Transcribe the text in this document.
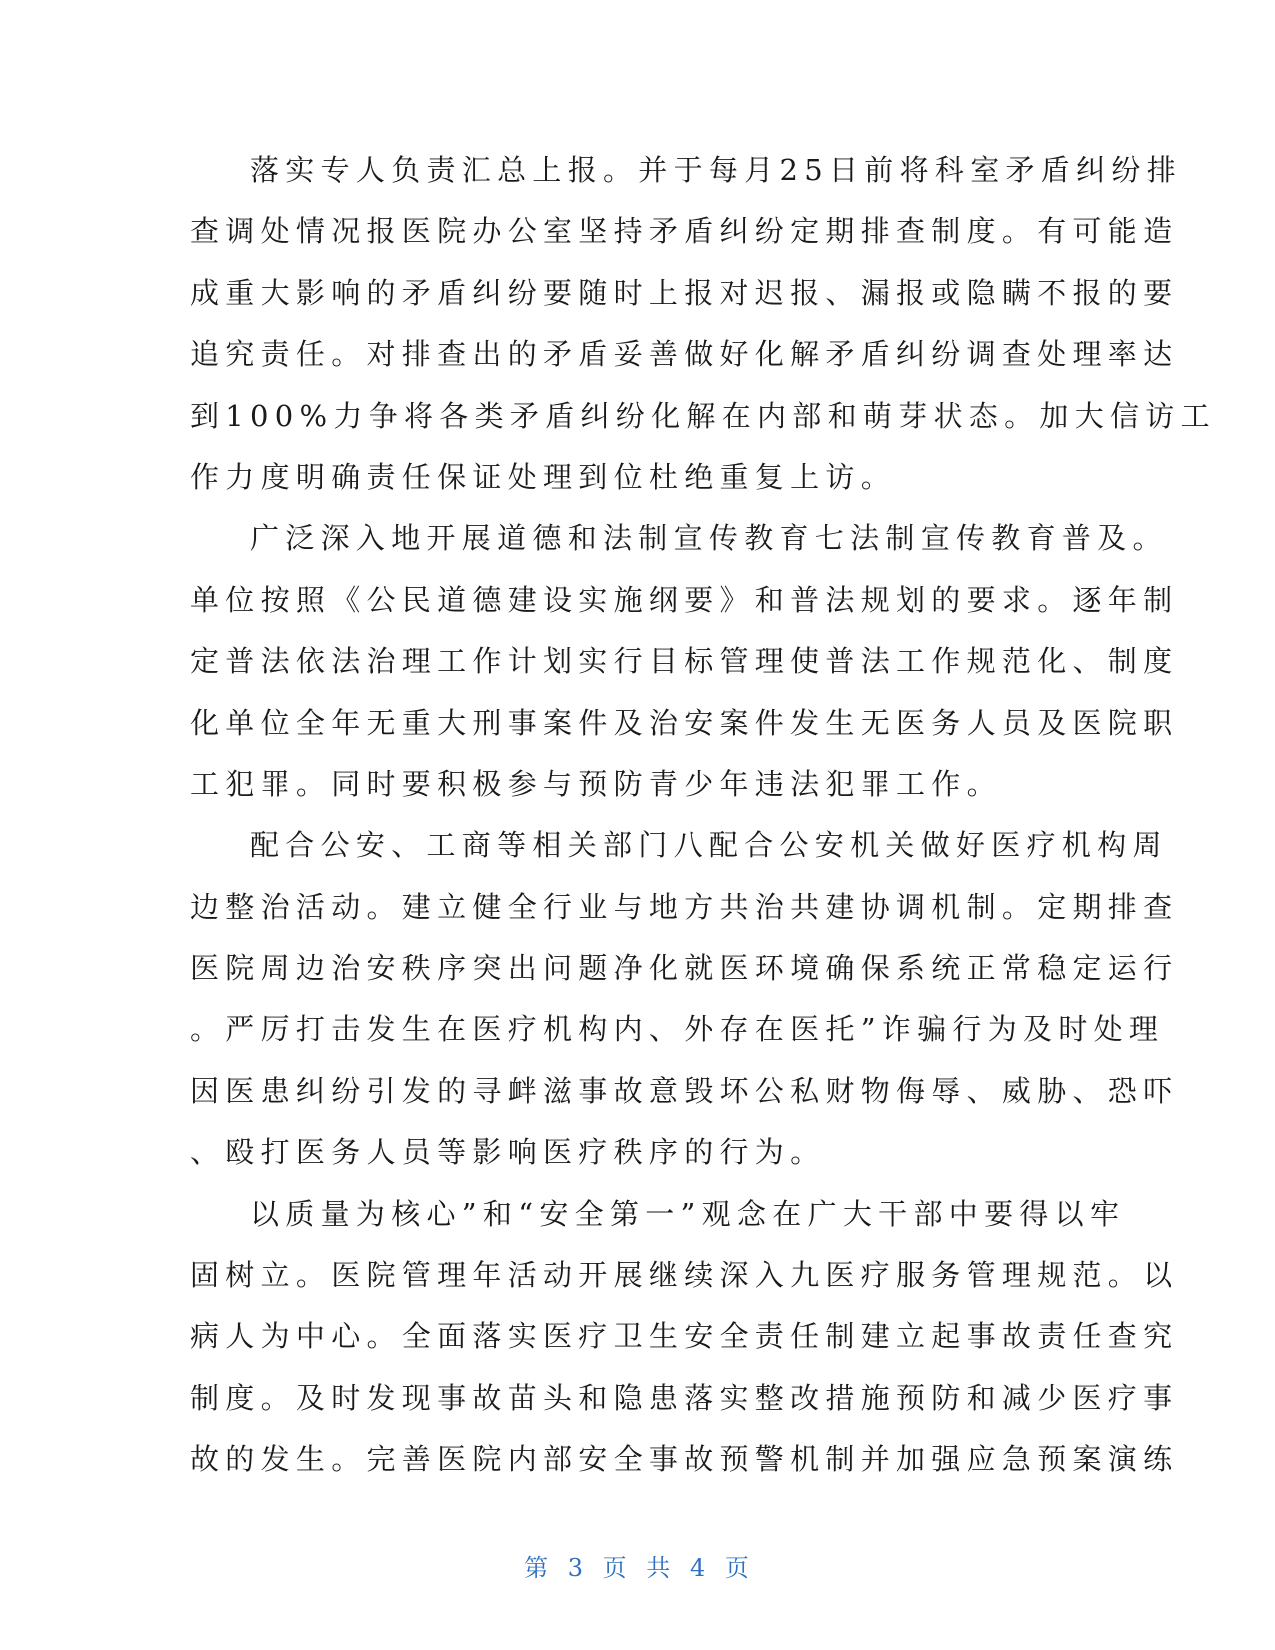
落实专人负责汇总上报。并于每月25日前将科室矛盾纠纷排
查调处情况报医院办公室坚持矛盾纠纷定期排查制度。有可能造
成重大影响的矛盾纠纷要随时上报对迟报、漏报或隐瞒不报的要
追究责任。对排查出的矛盾妥善做好化解矛盾纠纷调查处理率达
到100%力争将各类矛盾纠纷化解在内部和萌芽状态。加大信访工
作力度明确责任保证处理到位杜绝重复上访。
广泛深入地开展道德和法制宣传教育七法制宣传教育普及。
单位按照《公民道德建设实施纲要》和普法规划的要求。逐年制
定普法依法治理工作计划实行目标管理使普法工作规范化、制度
化单位全年无重大刑事案件及治安案件发生无医务人员及医院职
工犯罪。同时要积极参与预防青少年违法犯罪工作。
配合公安、工商等相关部门八配合公安机关做好医疗机构周
边整治活动。建立健全行业与地方共治共建协调机制。定期排查
医院周边治安秩序突出问题净化就医环境确保系统正常稳定运行
。严厉打击发生在医疗机构内、外存在医托”诈骗行为及时处理
因医患纠纷引发的寻衅滋事故意毁坏公私财物侮辱、威胁、恐吓
、殴打医务人员等影响医疗秩序的行为。
以质量为核心”和“安全第一”观念在广大干部中要得以牢
固树立。医院管理年活动开展继续深入九医疗服务管理规范。以
病人为中心。全面落实医疗卫生安全责任制建立起事故责任查究
制度。及时发现事故苗头和隐患落实整改措施预防和减少医疗事
故的发生。完善医院内部安全事故预警机制并加强应急预案演练
第 3 页 共 4 页
